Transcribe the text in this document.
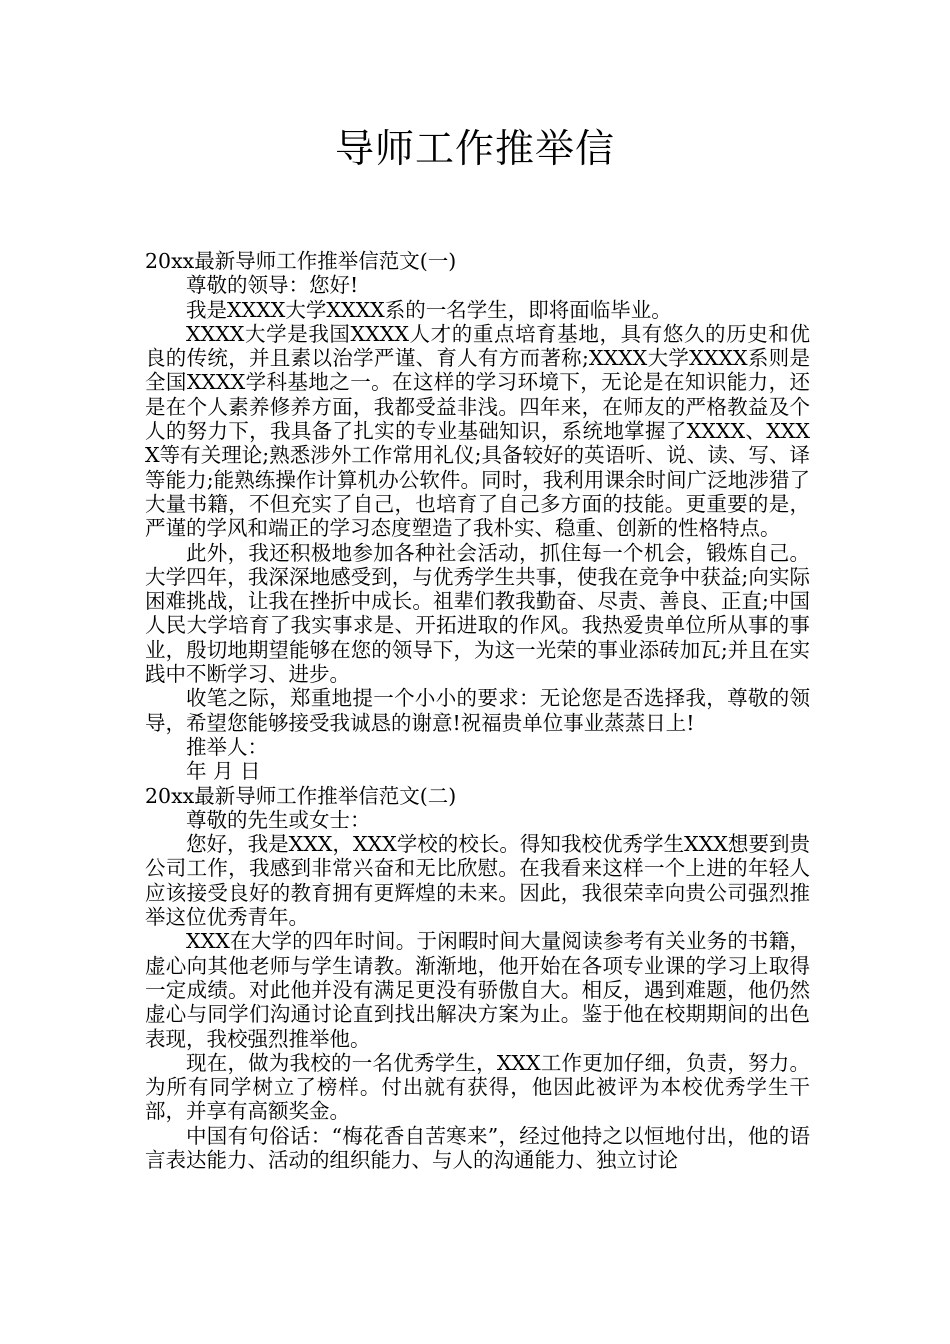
导师工作推举信

20xx最新导师工作推举信范文(一)

尊敬的领导：您好!

我是XXXX大学XXXX系的一名学生，即将面临毕业。

XXXX大学是我国XXXX人才的重点培育基地，具有悠久的历史和优良的传统，并且素以治学严谨、育人有方而著称;XXXX大学XXXX系则是全国XXXX学科基地之一。在这样的学习环境下，无论是在知识能力，还是在个人素养修养方面，我都受益非浅。四年来，在师友的严格教益及个人的努力下，我具备了扎实的专业基础知识，系统地掌握了XXXX、XXXX等有关理论;熟悉涉外工作常用礼仪;具备较好的英语听、说、读、写、译等能力;能熟练操作计算机办公软件。同时，我利用课余时间广泛地涉猎了大量书籍，不但充实了自己，也培育了自己多方面的技能。更重要的是，严谨的学风和端正的学习态度塑造了我朴实、稳重、创新的性格特点。

此外，我还积极地参加各种社会活动，抓住每一个机会，锻炼自己。大学四年，我深深地感受到，与优秀学生共事，使我在竞争中获益;向实际困难挑战，让我在挫折中成长。祖辈们教我勤奋、尽责、善良、正直;中国人民大学培育了我实事求是、开拓进取的作风。我热爱贵单位所从事的事业，殷切地期望能够在您的领导下，为这一光荣的事业添砖加瓦;并且在实践中不断学习、进步。

收笔之际，郑重地提一个小小的要求：无论您是否选择我，尊敬的领导，希望您能够接受我诚恳的谢意!祝福贵单位事业蒸蒸日上!

推举人：

年 月 日

20xx最新导师工作推举信范文(二)

尊敬的先生或女士：

您好，我是XXX，XXX学校的校长。得知我校优秀学生XXX想要到贵公司工作，我感到非常兴奋和无比欣慰。在我看来这样一个上进的年轻人应该接受良好的教育拥有更辉煌的未来。因此，我很荣幸向贵公司强烈推举这位优秀青年。

XXX在大学的四年时间。于闲暇时间大量阅读参考有关业务的书籍，虚心向其他老师与学生请教。渐渐地，他开始在各项专业课的学习上取得一定成绩。对此他并没有满足更没有骄傲自大。相反，遇到难题，他仍然虚心与同学们沟通讨论直到找出解决方案为止。鉴于他在校期期间的出色表现，我校强烈推举他。

现在，做为我校的一名优秀学生，XXX工作更加仔细，负责，努力。为所有同学树立了榜样。付出就有获得，他因此被评为本校优秀学生干部，并享有高额奖金。

中国有句俗话：“梅花香自苦寒来”，经过他持之以恒地付出，他的语言表达能力、活动的组织能力、与人的沟通能力、独立讨论
